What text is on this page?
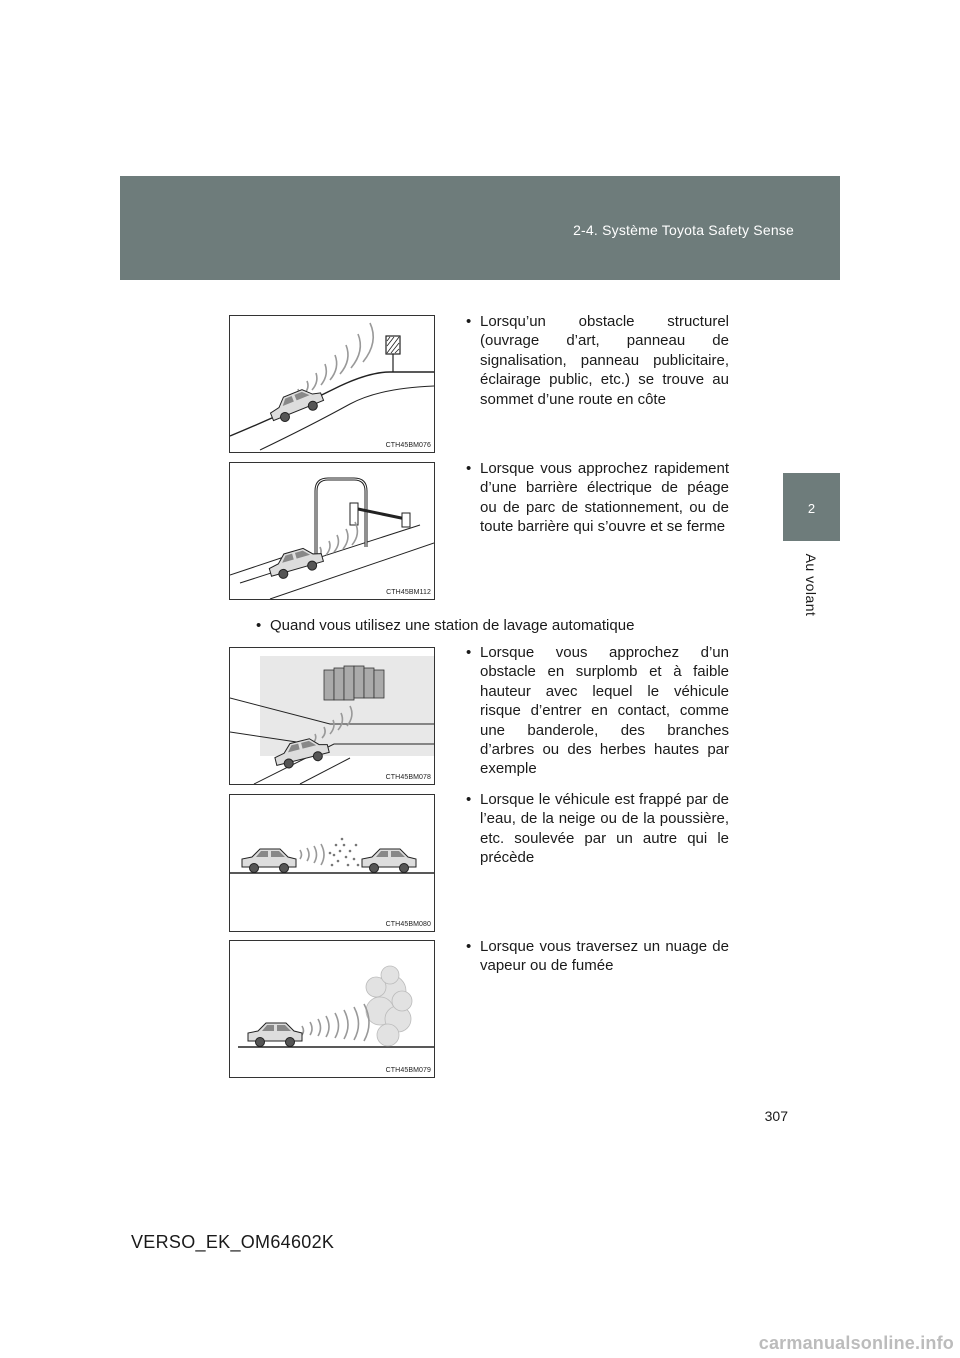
2-4. Système Toyota Safety Sense
2
Au volant
CTH45BM076
• Lorsqu’un obstacle structurel (ouvrage d’art, panneau de signalisation, panneau publicitaire, éclairage public, etc.) se trouve au sommet d’une route en côte
CTH45BM112
• Lorsque vous approchez rapidement d’une barrière électrique de péage ou de parc de stationnement, ou de toute barrière qui s’ouvre et se ferme
• Quand vous utilisez une station de lavage automatique
CTH45BM078
• Lorsque vous approchez d’un obstacle en surplomb et à faible hauteur avec lequel le véhicule risque d’entrer en contact, comme une banderole, des branches d’arbres ou des herbes hautes par exemple
CTH45BM080
• Lorsque le véhicule est frappé par de l’eau, de la neige ou de la poussière, etc. soulevée par un autre qui le précède
CTH45BM079
• Lorsque vous traversez un nuage de vapeur ou de fumée
307
VERSO_EK_OM64602K
carmanualsonline.info
